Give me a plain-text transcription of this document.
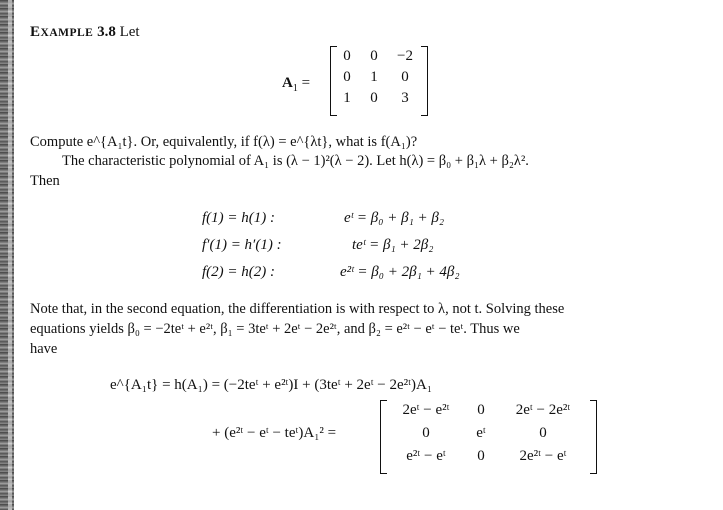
EXAMPLE 3.8 Let
$A_1$ =
0	0	−2
0	1	0
1	0	3
Compute e^{A₁t}. Or, equivalently, if f(λ) = e^{λt}, what is f(A₁)?
The characteristic polynomial of A₁ is (λ − 1)²(λ − 2). Let h(λ) = β₀ + β₁λ + β₂λ².
Then
f(1) = h(1) :	eᵗ = β₀ + β₁ + β₂
f′(1) = h′(1) :	teᵗ = β₁ + 2β₂
f(2) = h(2) :	e²ᵗ = β₀ + 2β₁ + 4β₂
Note that, in the second equation, the differentiation is with respect to λ, not t. Solving these
equations yields β₀ = −2teᵗ + e²ᵗ, β₁ = 3teᵗ + 2eᵗ − 2e²ᵗ, and β₂ = e²ᵗ − eᵗ − teᵗ. Thus we
have
e^{A₁t} = h(A₁) = (−2teᵗ + e²ᵗ)I + (3teᵗ + 2eᵗ − 2e²ᵗ)A₁
+ (e²ᵗ − eᵗ − teᵗ)A₁² =
2eᵗ − e²ᵗ	0	2eᵗ − 2e²ᵗ
0	eᵗ	0
e²ᵗ − eᵗ	0	2e²ᵗ − eᵗ
